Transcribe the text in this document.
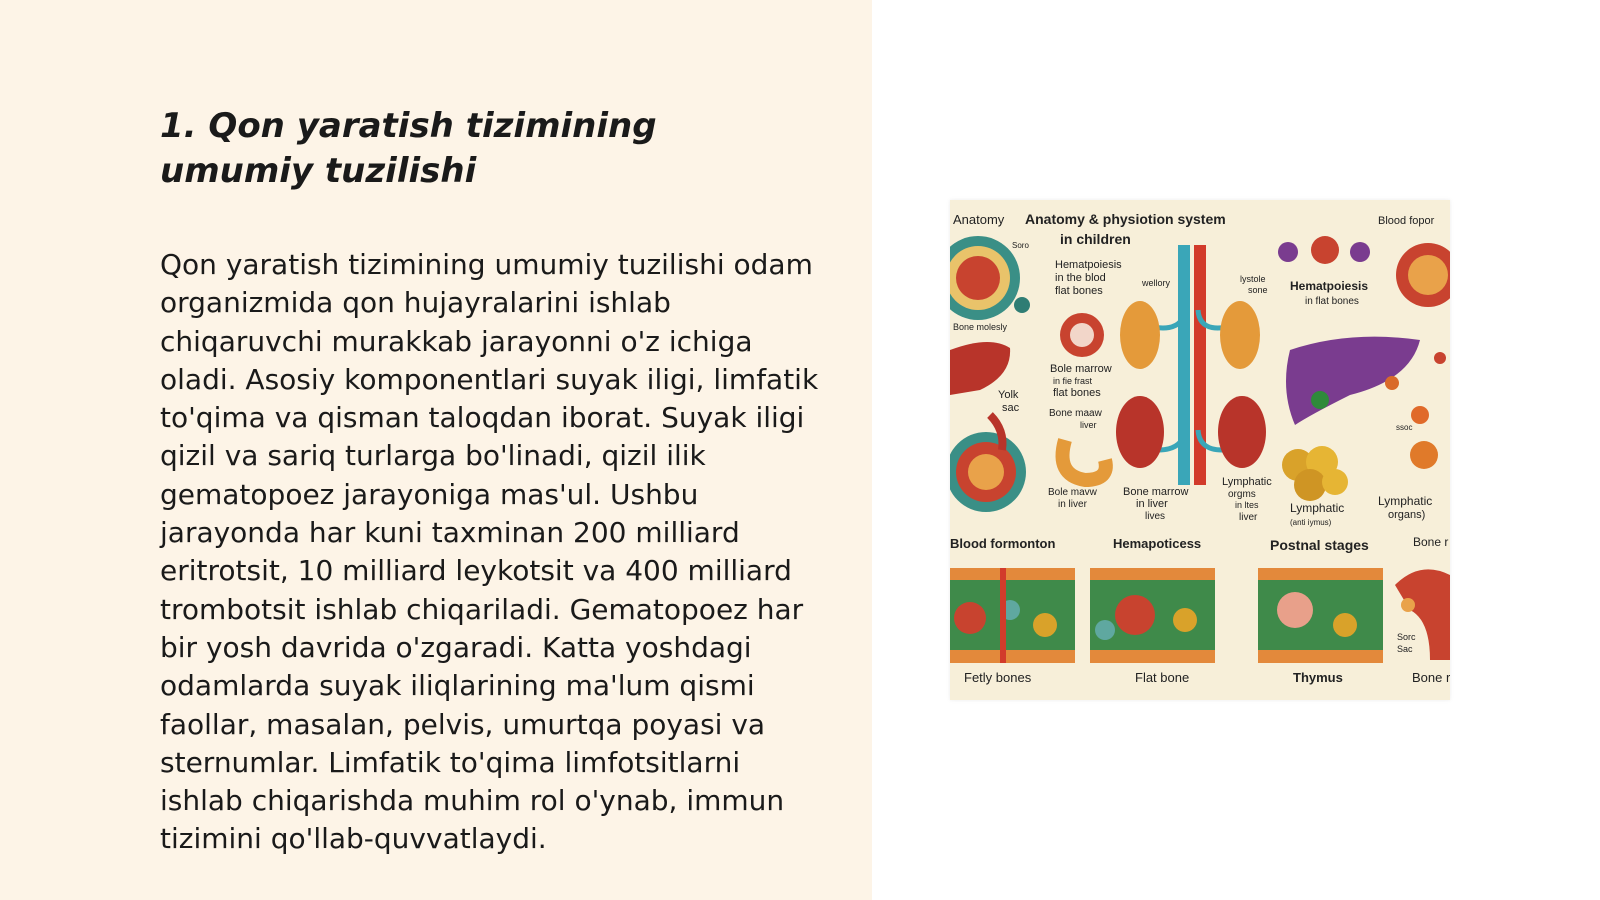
1. Qon yaratish tizimining umumiy tuzilishi

Qon yaratish tizimining umumiy tuzilishi odam organizmida qon hujayralarini ishlab chiqaruvchi murakkab jarayonni o'z ichiga oladi. Asosiy komponentlari suyak iligi, limfatik to'qima va qisman taloqdan iborat. Suyak iligi qizil va sariq turlarga bo'linadi, qizil ilik gematopoez jarayoniga mas'ul. Ushbu jarayonda har kuni taxminan 200 milliard eritrotsit, 10 milliard leykotsit va 400 milliard trombotsit ishlab chiqariladi. Gematopoez har bir yosh davrida o'zgaradi. Katta yoshdagi odamlarda suyak iliqlarining ma'lum qismi faollar, masalan, pelvis, umurtqa poyasi va sternumlar. Limfatik to'qima limfotsitlarni ishlab chiqarishda muhim rol o'ynab, immun tizimini qo'llab-quvvatlaydi.

Anatomy Anatomy & physiotion system
in children
Blood fopor
Hematpoiesis
in the blod
flat bones
wellory	lystole
sone Hematpoiesis
in flat bones
Soro
Bone molesly
Bole marrow
in fie frast
flat bones
Yolk
sac	Bone maaw
liver	ssoc
Bole mavw
in liver
Bone marrow
in liver
lives
Lymphatic
orgms
in ltes
liver
Lymphatic
(anti iymus)
Lymphatic
organs)
Blood formonton	Hemapoticess	Postnal stages	Bone r
Sorc
Sac
Fetly bones	Flat bone	Thymus	Bone r
